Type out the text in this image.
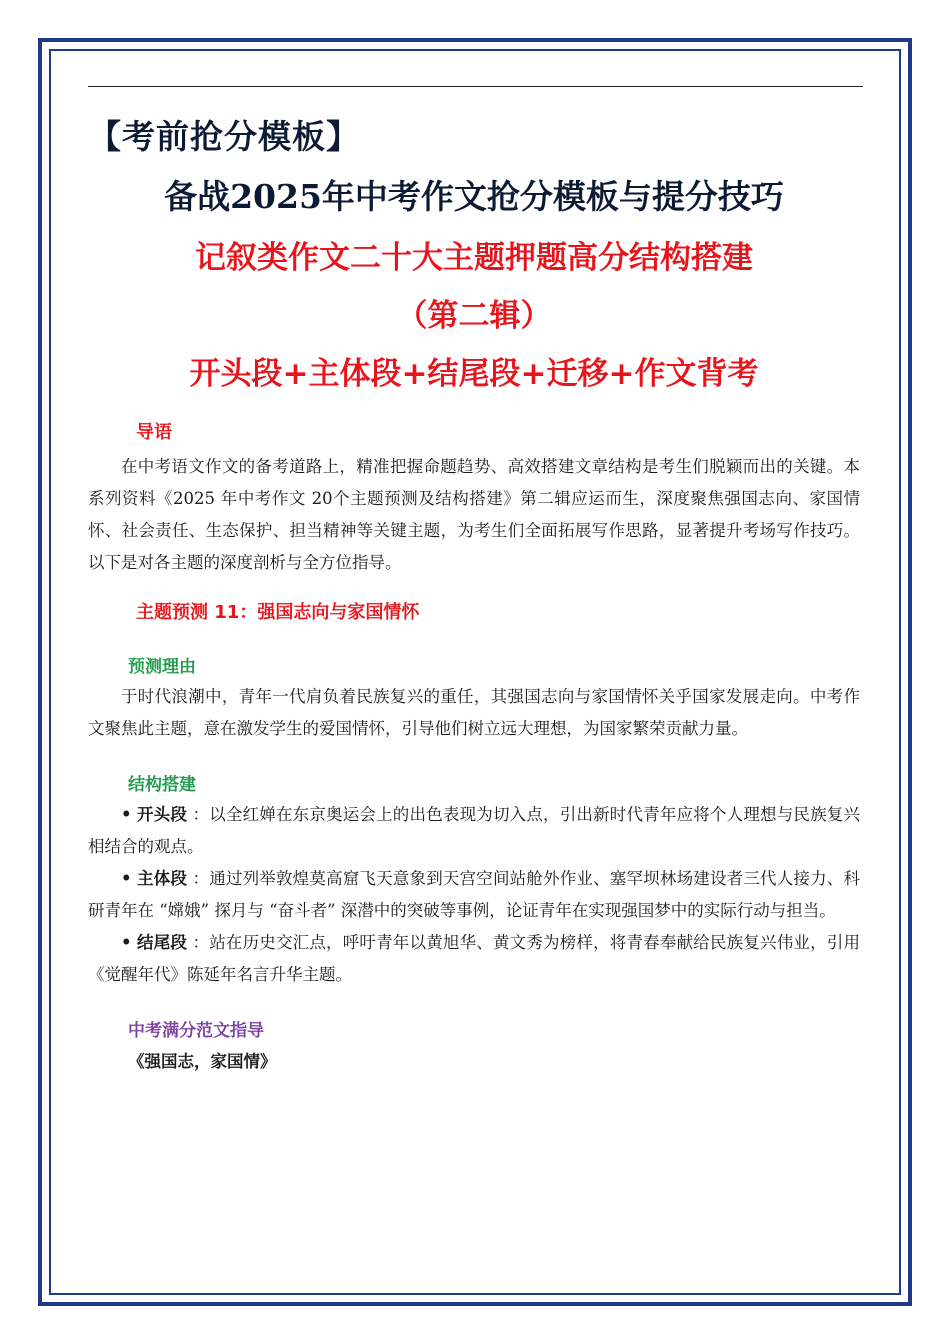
【考前抢分模板】
备战2025年中考作文抢分模板与提分技巧
记叙类作文二十大主题押题高分结构搭建
（第二辑）
开头段+主体段+结尾段+迁移+作文背考
导语

在中考语文作文的备考道路上，精准把握命题趋势、高效搭建文章结构是考生们脱颖而出的关键。本系列资料《2025 年中考作文 20个主题预测及结构搭建》第二辑应运而生，深度聚焦强国志向、家国情怀、社会责任、生态保护、担当精神等关键主题，为考生们全面拓展写作思路，显著提升考场写作技巧。以下是对各主题的深度剖析与全方位指导。

主题预测 11：强国志向与家国情怀
预测理由

于时代浪潮中，青年一代肩负着民族复兴的重任，其强国志向与家国情怀关乎国家发展走向。中考作文聚焦此主题，意在激发学生的爱国情怀，引导他们树立远大理想，为国家繁荣贡献力量。

结构搭建

• 开头段 ：以全红婵在东京奥运会上的出色表现为切入点，引出新时代青年应将个人理想与民族复兴相结合的观点。

• 主体段 ：通过列举敦煌莫高窟飞天意象到天宫空间站舱外作业、塞罕坝林场建设者三代人接力、科研青年在 “嫦娥” 探月与 “奋斗者” 深潜中的突破等事例，论证青年在实现强国梦中的实际行动与担当。

• 结尾段 ：站在历史交汇点，呼吁青年以黄旭华、黄文秀为榜样，将青春奉献给民族复兴伟业，引用《觉醒年代》陈延年名言升华主题。

中考满分范文指导
《强国志，家国情》
